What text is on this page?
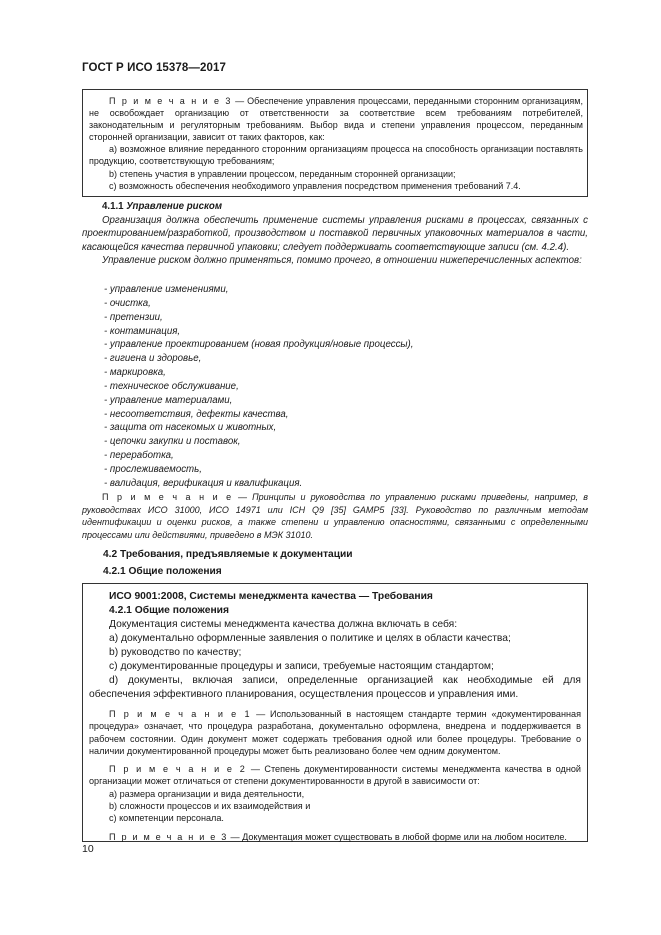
ГОСТ Р ИСО 15378—2017

П р и м е ч а н и е 3 — Обеспечение управления процессами, переданными сторонним организациям, не освобождает организацию от ответственности за соответствие всем требованиям потребителей, законодательным и регуляторным требованиям. Выбор вида и степени управления процессом, переданным сторонней организации, зависит от таких факторов, как:

a) возможное влияние переданного сторонним организациям процесса на способность организации поставлять продукцию, соответствующую требованиям;

b) степень участия в управлении процессом, переданным сторонней организации;

c) возможность обеспечения необходимого управления посредством применения требований 7.4.

4.1.1 Управление риском

Организация должна обеспечить применение системы управления рисками в процессах, связанных с проектированием/разработкой, производством и поставкой первичных упаковочных материалов в части, касающейся качества первичной упаковки; следует поддерживать соответствующие записи (см. 4.2.4).

Управление риском должно применяться, помимо прочего, в отношении нижеперечисленных аспектов:

- управление изменениями,
- очистка,
- претензии,
- контаминация,
- управление проектированием (новая продукция/новые процессы),
- гигиена и здоровье,
- маркировка,
- техническое обслуживание,
- управление материалами,
- несоответствия, дефекты качества,
- защита от насекомых и животных,
- цепочки закупки и поставок,
- переработка,
- прослеживаемость,
- валидация, верификация и квалификация.

П р и м е ч а н и е — Принципы и руководства по управлению рисками приведены, например, в руководствах ИСО 31000, ИСО 14971 или ICH Q9 [35] GAMP5 [33]. Руководство по различным методам идентификации и оценки рисков, а также степени и управлению опасностями, связанными с определенными процессами или действиями, приведено в МЭК 31010.

4.2 Требования, предъявляемые к документации
4.2.1 Общие положения

ИСО 9001:2008, Системы менеджмента качества — Требования

4.2.1 Общие положения

Документация системы менеджмента качества должна включать в себя:

a) документально оформленные заявления о политике и целях в области качества;

b) руководство по качеству;

c) документированные процедуры и записи, требуемые настоящим стандартом;

d) документы, включая записи, определенные организацией как необходимые ей для обеспечения эффективного планирования, осуществления процессов и управления ими.

П р и м е ч а н и е 1 — Использованный в настоящем стандарте термин «документированная процедура» означает, что процедура разработана, документально оформлена, внедрена и поддерживается в рабочем состоянии. Один документ может содержать требования одной или более процедуры. Требование о наличии документированной процедуры может быть реализовано более чем одним документом.

П р и м е ч а н и е 2 — Степень документированности системы менеджмента качества в одной организации может отличаться от степени документированности в другой в зависимости от:

a) размера организации и вида деятельности,

b) сложности процессов и их взаимодействия и

c) компетенции персонала.

П р и м е ч а н и е 3 — Документация может существовать в любой форме или на любом носителе.

10
